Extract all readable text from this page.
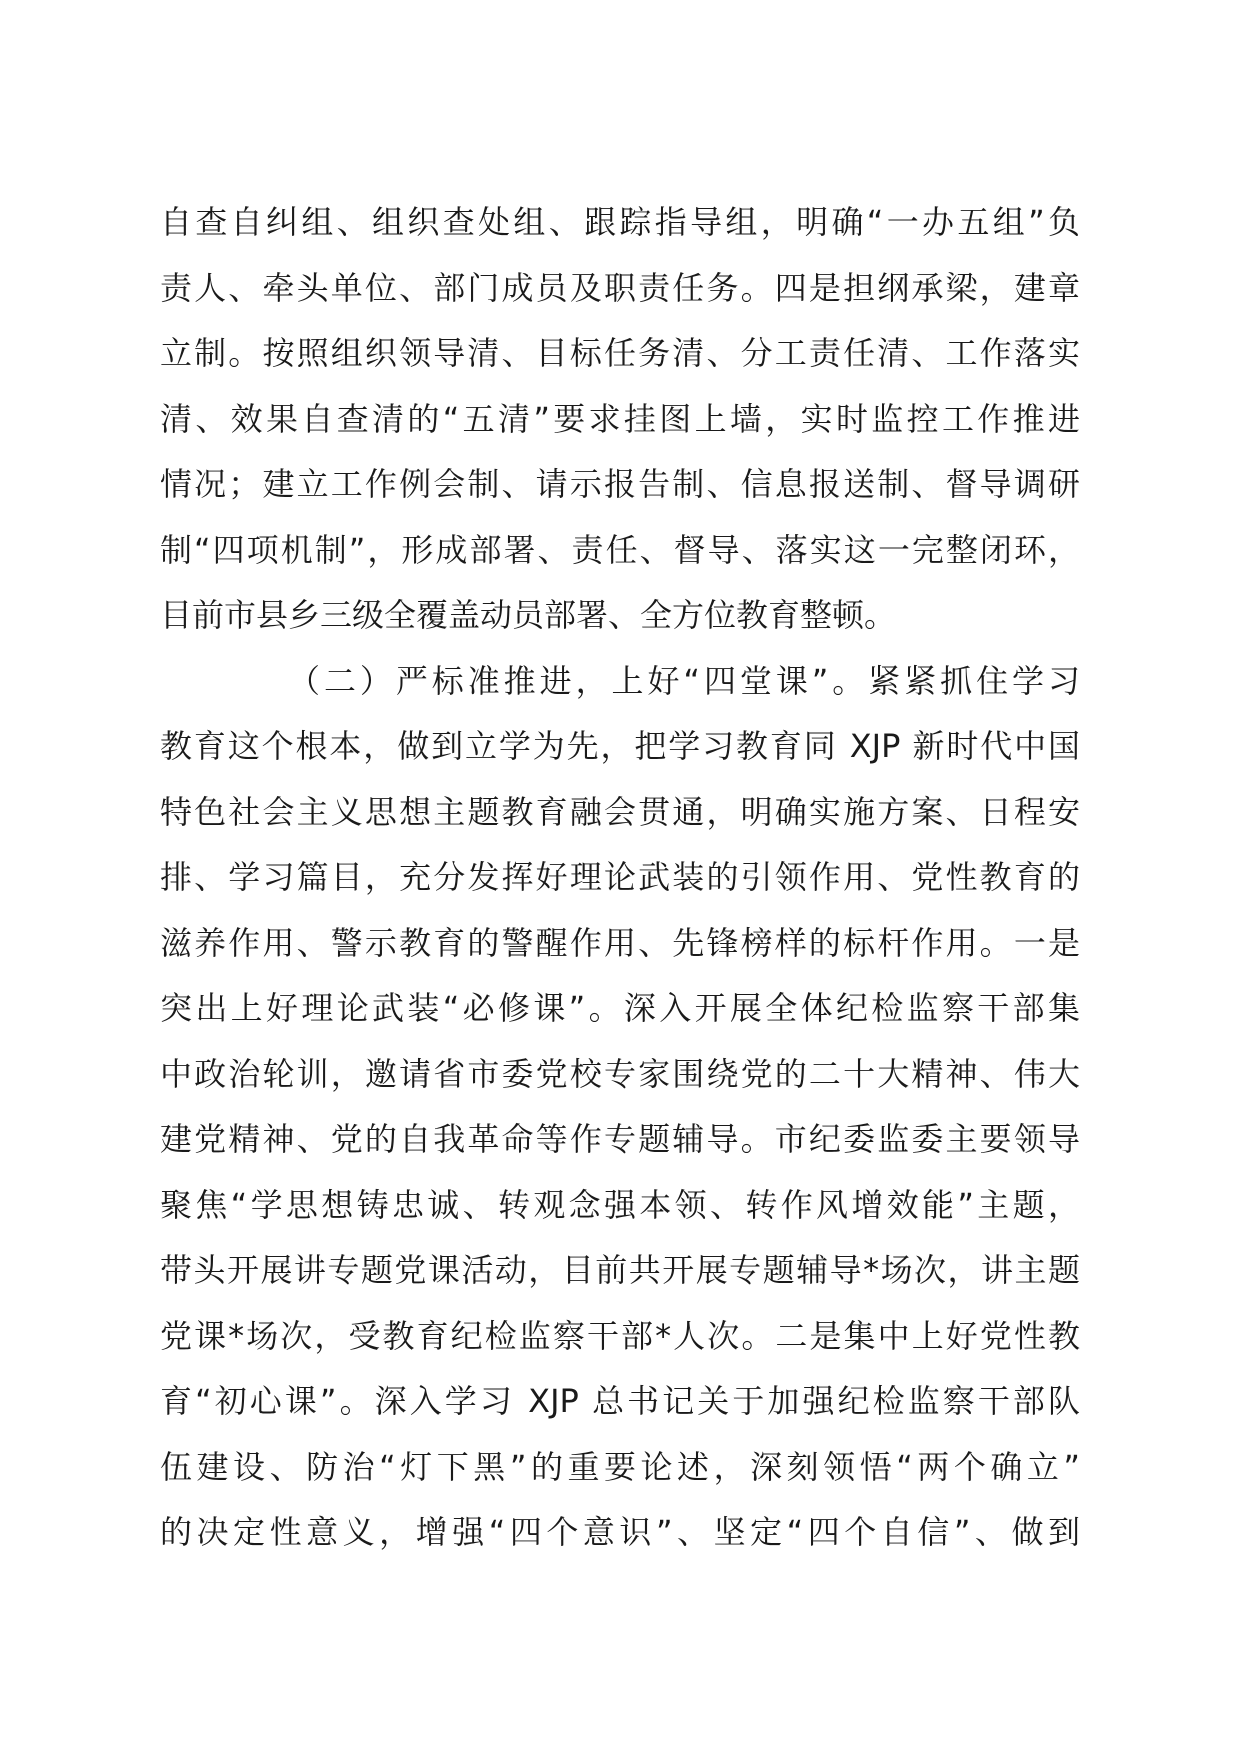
自查自纠组、组织查处组、跟踪指导组，明确“一办五组”负
责人、牵头单位、部门成员及职责任务。四是担纲承梁，建章
立制。按照组织领导清、目标任务清、分工责任清、工作落实
清、效果自查清的“五清”要求挂图上墙，实时监控工作推进
情况；建立工作例会制、请示报告制、信息报送制、督导调研
制“四项机制”，形成部署、责任、督导、落实这一完整闭环，
目前市县乡三级全覆盖动员部署、全方位教育整顿。
（二）严标准推进，上好“四堂课”。紧紧抓住学习
教育这个根本，做到立学为先，把学习教育同 XJP 新时代中国
特色社会主义思想主题教育融会贯通，明确实施方案、日程安
排、学习篇目，充分发挥好理论武装的引领作用、党性教育的
滋养作用、警示教育的警醒作用、先锋榜样的标杆作用。一是
突出上好理论武装“必修课”。深入开展全体纪检监察干部集
中政治轮训，邀请省市委党校专家围绕党的二十大精神、伟大
建党精神、党的自我革命等作专题辅导。市纪委监委主要领导
聚焦“学思想铸忠诚、转观念强本领、转作风增效能”主题，
带头开展讲专题党课活动，目前共开展专题辅导*场次，讲主题
党课*场次，受教育纪检监察干部*人次。二是集中上好党性教
育“初心课”。深入学习 XJP 总书记关于加强纪检监察干部队
伍建设、防治“灯下黑”的重要论述，深刻领悟“两个确立”
的决定性意义，增强“四个意识”、坚定“四个自信”、做到
